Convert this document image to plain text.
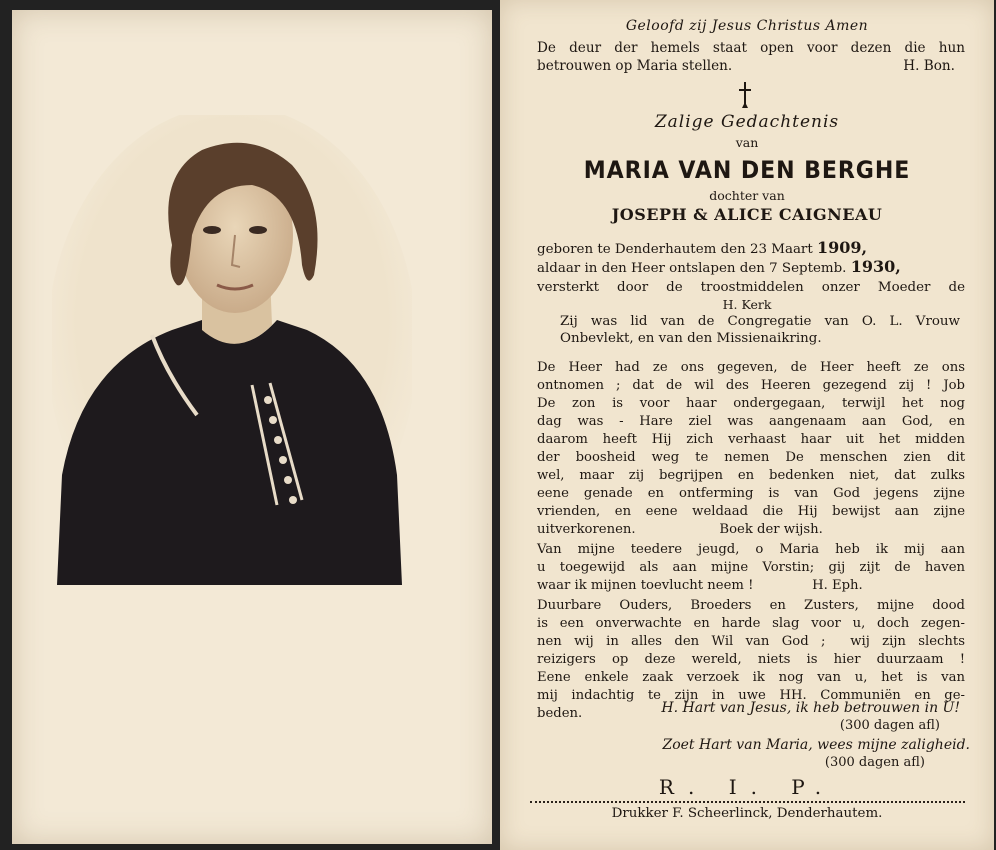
Geloofd zij Jesus Christus Amen
De deur der hemels staat open voor dezen die hun
betrouwen op Maria stellen.	H. Bon.
Zalige Gedachtenis
van
MARIA VAN DEN BERGHE
dochter van
JOSEPH & ALICE CAIGNEAU
geboren te Denderhautem den 23 Maart 1909,
aldaar in den Heer ontslapen den 7 Septemb. 1930,
versterkt door de troostmiddelen onzer Moeder de
H. Kerk
Zij was lid van de Congregatie van O. L. Vrouw
Onbevlekt, en van den Missienaikring.
De Heer had ze ons gegeven, de Heer heeft ze ons
ontnomen ; dat de wil des Heeren gezegend zij ! Job
De zon is voor haar ondergegaan, terwijl het nog
dag was - Hare ziel was aangenaam aan God, en
daarom heeft Hij zich verhaast haar uit het midden
der boosheid weg te nemen De menschen zien dit
wel, maar zij begrijpen en bedenken niet, dat zulks
eene genade en ontferming is van God jegens zijne
vrienden, en eene weldaad die Hij bewijst aan zijne
uitverkorenen.                    Boek der wijsh.
Van mijne teedere jeugd, o Maria heb ik mij aan
u toegewijd als aan mijne Vorstin; gij zijt de haven
waar ik mijnen toevlucht neem !              H. Eph.
Duurbare Ouders, Broeders en Zusters, mijne dood
is een onverwachte en harde slag voor u, doch zegen-
nen wij in alles den Wil van God ;  wij zijn slechts
reizigers op deze wereld, niets is hier duurzaam !
Eene enkele zaak verzoek ik nog van u, het is van
mij indachtig te zijn in uwe HH. Communiën en ge-
beden.	H. Hart van Jesus, ik heb betrouwen in U!
(300 dagen afl)
Zoet Hart van Maria, wees mijne zaligheid.
(300 dagen afl)
R. I. P.
Drukker F. Scheerlinck, Denderhautem.
